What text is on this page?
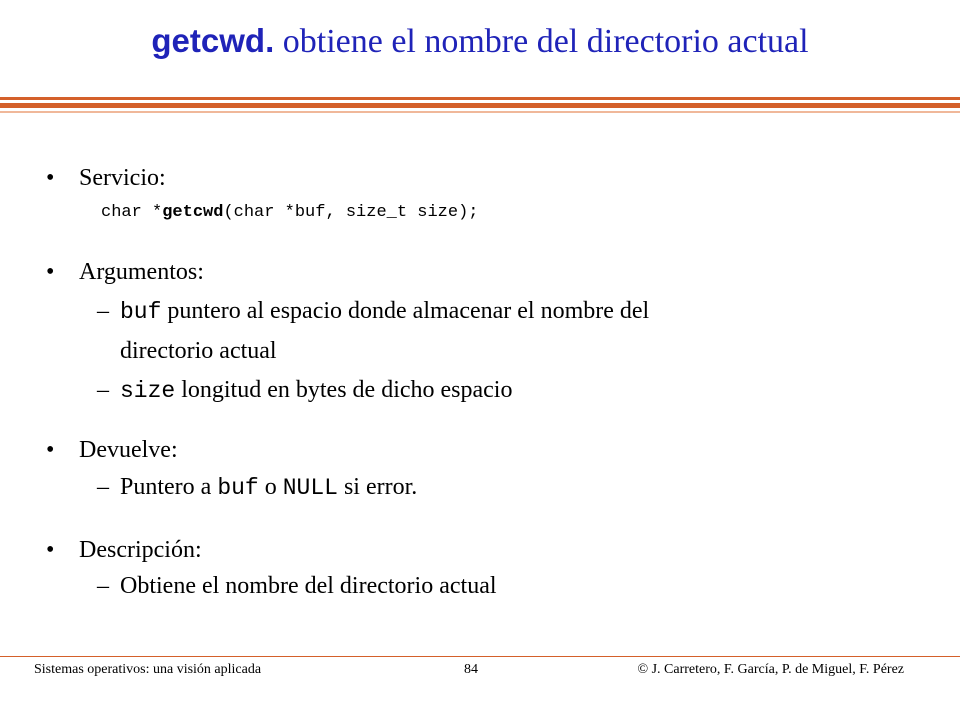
getcwd. obtiene el nombre del directorio actual
• Servicio:
char *getcwd(char *buf, size_t size);
• Argumentos:
– buf puntero al espacio donde almacenar el nombre del
directorio actual
– size longitud en bytes de dicho espacio
• Devuelve:
– Puntero a buf o NULL si error.
• Descripción:
– Obtiene el nombre del directorio actual
Sistemas operativos: una visión aplicada	84	© J. Carretero, F. García, P. de Miguel, F. Pérez
